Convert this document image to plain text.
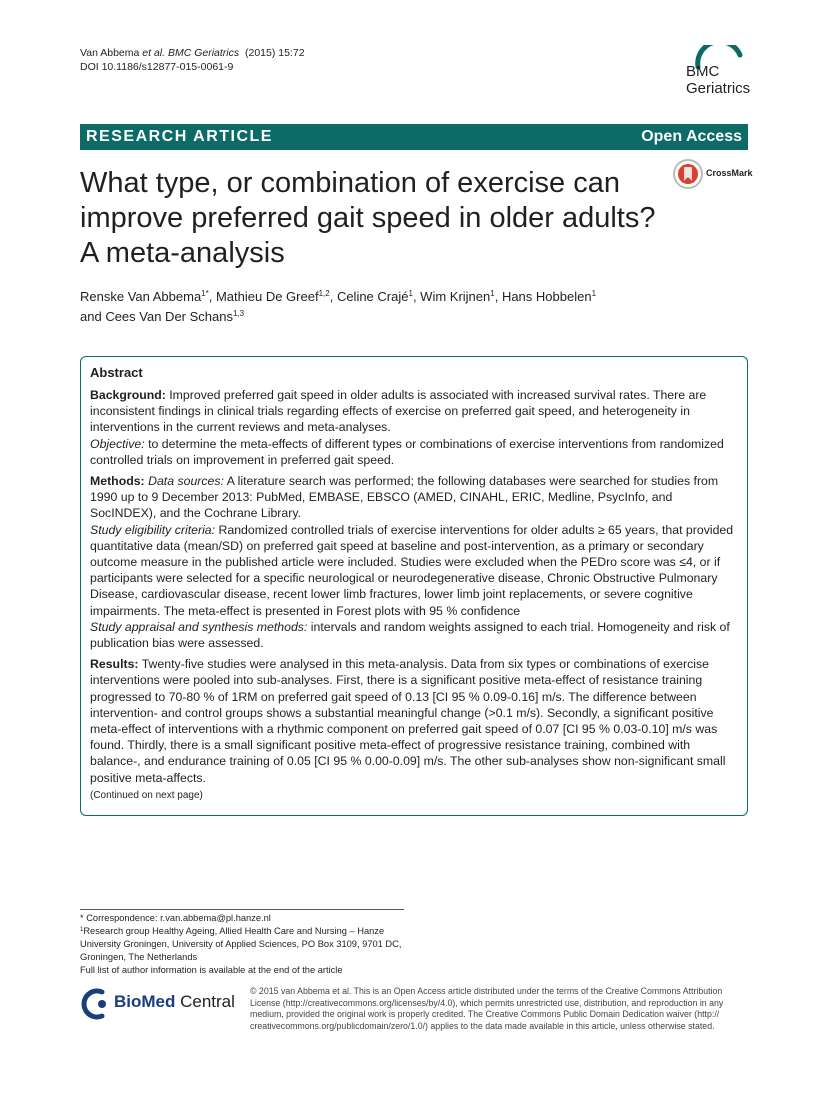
Van Abbema et al. BMC Geriatrics (2015) 15:72
DOI 10.1186/s12877-015-0061-9	BMC
Geriatrics
RESEARCH ARTICLE	Open Access
CrossMark
What type, or combination of exercise can improve preferred gait speed in older adults? A meta-analysis
Renske Van Abbema$^{1*}$, Mathieu De Greef$^{1,2}$, Celine Crajé$^1$, Wim Krijnen$^1$, Hans Hobbelen$^1$
and Cees Van Der Schans$^{1,3}$
Abstract

Background: Improved preferred gait speed in older adults is associated with increased survival rates. There are inconsistent findings in clinical trials regarding effects of exercise on preferred gait speed, and heterogeneity in interventions in the current reviews and meta-analyses.
Objective: to determine the meta-effects of different types or combinations of exercise interventions from randomized controlled trials on improvement in preferred gait speed.

Methods: Data sources: A literature search was performed; the following databases were searched for studies from 1990 up to 9 December 2013: PubMed, EMBASE, EBSCO (AMED, CINAHL, ERIC, Medline, PsycInfo, and SocINDEX), and the Cochrane Library.
Study eligibility criteria: Randomized controlled trials of exercise interventions for older adults ≥ 65 years, that provided quantitative data (mean/SD) on preferred gait speed at baseline and post-intervention, as a primary or secondary outcome measure in the published article were included. Studies were excluded when the PEDro score was ≤4, or if participants were selected for a specific neurological or neurodegenerative disease, Chronic Obstructive Pulmonary Disease, cardiovascular disease, recent lower limb fractures, lower limb joint replacements, or severe cognitive impairments. The meta-effect is presented in Forest plots with 95 % confidence
Study appraisal and synthesis methods: intervals and random weights assigned to each trial. Homogeneity and risk of publication bias were assessed.

Results: Twenty-five studies were analysed in this meta-analysis. Data from six types or combinations of exercise interventions were pooled into sub-analyses. First, there is a significant positive meta-effect of resistance training progressed to 70-80 % of 1RM on preferred gait speed of 0.13 [CI 95 % 0.09-0.16] m/s. The difference between intervention- and control groups shows a substantial meaningful change (>0.1 m/s). Secondly, a significant positive meta-effect of interventions with a rhythmic component on preferred gait speed of 0.07 [CI 95 % 0.03-0.10] m/s was found. Thirdly, there is a small significant positive meta-effect of progressive resistance training, combined with balance-, and endurance training of 0.05 [CI 95 % 0.00-0.09] m/s. The other sub-analyses show non-significant small positive meta-affects.
(Continued on next page)

* Correspondence: r.van.abbema@pl.hanze.nl
$^1$Research group Healthy Ageing, Allied Health Care and Nursing – Hanze University Groningen, University of Applied Sciences, PO Box 3109, 9701 DC, Groningen, The Netherlands
Full list of author information is available at the end of the article
BioMed Central
© 2015 van Abbema et al. This is an Open Access article distributed under the terms of the Creative Commons Attribution License (http://creativecommons.org/licenses/by/4.0), which permits unrestricted use, distribution, and reproduction in any medium, provided the original work is properly credited. The Creative Commons Public Domain Dedication waiver (http:// creativecommons.org/publicdomain/zero/1.0/) applies to the data made available in this article, unless otherwise stated.
